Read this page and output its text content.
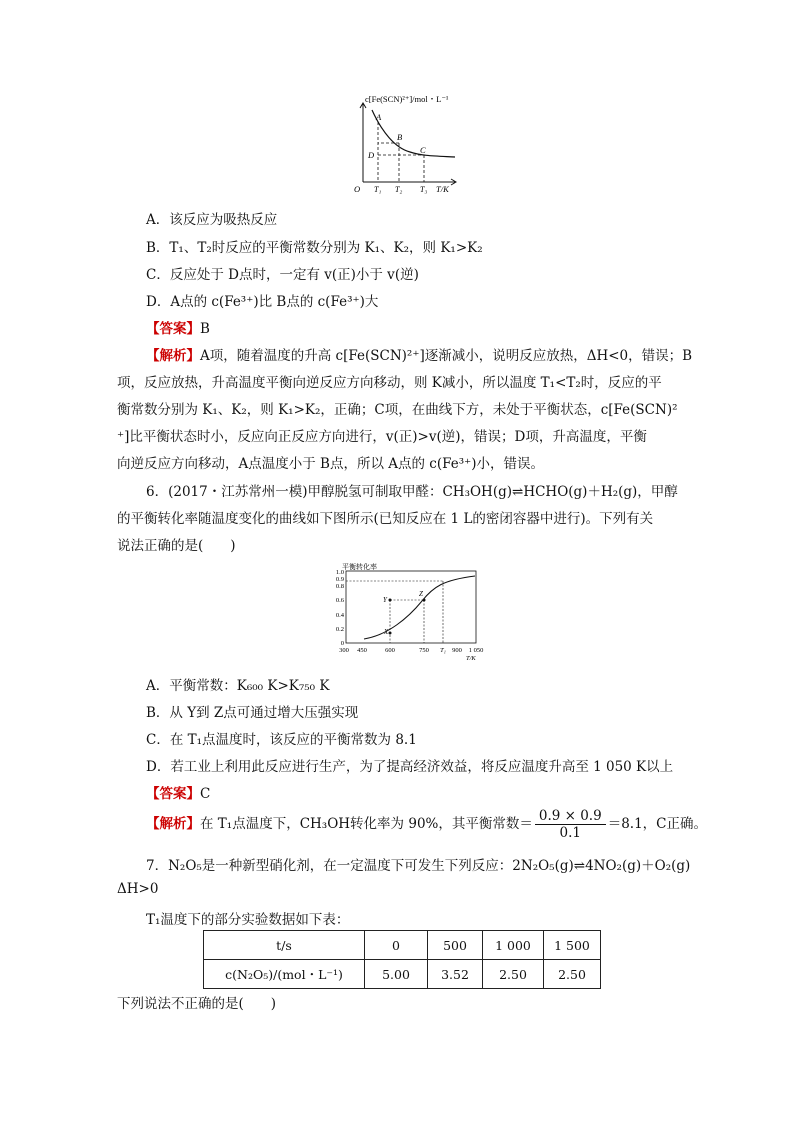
c[Fe(SCN)²⁺]/mol・L⁻¹
O	T/K
T₁ T₂ T₃
A
B
C
D
A．该反应为吸热反应
B．T₁、T₂时反应的平衡常数分别为 K₁、K₂，则 K₁>K₂
C．反应处于 D点时，一定有 v(正)小于 v(逆)
D．A点的 c(Fe³⁺)比 B点的 c(Fe³⁺)大
【答案】B
【解析】A项，随着温度的升高 c[Fe(SCN)²⁺]逐渐减小，说明反应放热，ΔH<0，错误；B
项，反应放热，升高温度平衡向逆反应方向移动，则 K减小，所以温度 T₁<T₂时，反应的平
衡常数分别为 K₁、K₂，则 K₁>K₂，正确；C项，在曲线下方，未处于平衡状态，c[Fe(SCN)²
⁺]比平衡状态时小，反应向正反应方向进行，v(正)>v(逆)，错误；D项，升高温度，平衡
向逆反应方向移动，A点温度小于 B点，所以 A点的 c(Fe³⁺)小，错误。
6．(2017・江苏常州一模)甲醇脱氢可制取甲醛：CH₃OH(g)⇌HCHO(g)＋H₂(g)，甲醇
的平衡转化率随温度变化的曲线如下图所示(已知反应在 1 L的密闭容器中进行)。下列有关
说法正确的是(　　)
平衡转化率
1.0
0.9
0.8
0.6
0.4
0.2
0
300 450	600	750 T₁ 900 1 050
T/K
X
Y
Z
A．平衡常数：K₆₀₀ K>K₇₅₀ K
B．从 Y到 Z点可通过增大压强实现
C．在 T₁点温度时，该反应的平衡常数为 8.1
D．若工业上利用此反应进行生产，为了提高经济效益，将反应温度升高至 1 050 K以上
【答案】C
【解析】在 T₁点温度下，CH₃OH转化率为 90%，其平衡常数＝ $\frac{0.9 \times 0.9}{0.1} =8.1$，C正确。
7．N₂O₅是一种新型硝化剂，在一定温度下可发生下列反应：2N₂O₅(g)⇌4NO₂(g)＋O₂(g)
ΔH>0
T₁温度下的部分实验数据如下表：
t/s	0	500	1 000	1 500
c(N₂O₅)/(mol・L⁻¹)	5.00	3.52	2.50	2.50
下列说法不正确的是(　　)
